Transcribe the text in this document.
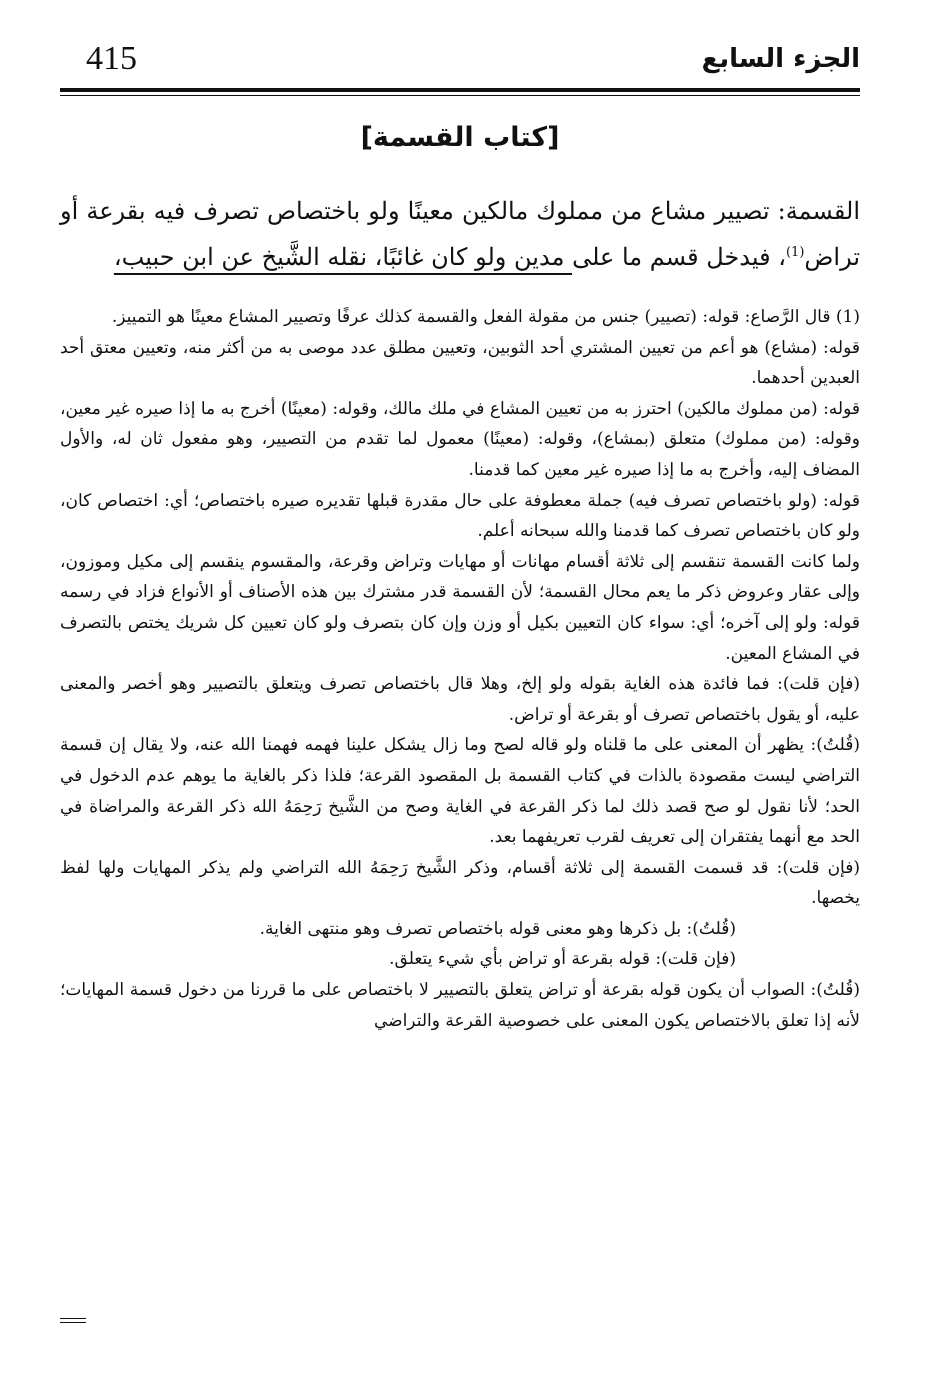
415	الجزء السابع
[كتاب القسمة]
القسمة: تصيير مشاع من مملوك مالكين معينًا ولو باختصاص تصرف فيه بقرعة أو تراض$^{(1)}$، فيدخل قسم ما على مدين ولو كان غائبًا، نقله الشَّيخ عن ابن حبيب،

(1) قال الرَّصاع: قوله: (تصيير) جنس من مقولة الفعل والقسمة كذلك عرفًا وتصيير المشاع معينًا هو التمييز.

قوله: (مشاع) هو أعم من تعيين المشتري أحد الثوبين، وتعيين مطلق عدد موصى به من أكثر منه، وتعيين معتق أحد العبدين أحدهما.

قوله: (من مملوك مالكين) احترز به من تعيين المشاع في ملك مالك، وقوله: (معينًا) أخرج به ما إذا صيره غير معين، وقوله: (من مملوك) متعلق (بمشاع)، وقوله: (معينًا) معمول لما تقدم من التصيير، وهو مفعول ثان له، والأول المضاف إليه، وأخرج به ما إذا صيره غير معين كما قدمنا.

قوله: (ولو باختصاص تصرف فيه) جملة معطوفة على حال مقدرة قبلها تقديره صيره باختصاص؛ أي: اختصاص كان، ولو كان باختصاص تصرف كما قدمنا والله سبحانه أعلم.

ولما كانت القسمة تنقسم إلى ثلاثة أقسام مهانات أو مهايات وتراض وقرعة، والمقسوم ينقسم إلى مكيل وموزون، وإلى عقار وعروض ذكر ما يعم محال القسمة؛ لأن القسمة قدر مشترك بين هذه الأصناف أو الأنواع فزاد في رسمه قوله: ولو إلى آخره؛ أي: سواء كان التعيين بكيل أو وزن وإن كان بتصرف ولو كان تعيين كل شريك يختص بالتصرف في المشاع المعين.

(فإن قلت): فما فائدة هذه الغاية بقوله ولو إلخ، وهلا قال باختصاص تصرف ويتعلق بالتصيير وهو أخصر والمعنى عليه، أو يقول باختصاص تصرف أو بقرعة أو تراض.

(قُلتُ): يظهر أن المعنى على ما قلناه ولو قاله لصح وما زال يشكل علينا فهمه فهمنا الله عنه، ولا يقال إن قسمة التراضي ليست مقصودة بالذات في كتاب القسمة بل المقصود القرعة؛ فلذا ذكر بالغاية ما يوهم عدم الدخول في الحد؛ لأنا نقول لو صح قصد ذلك لما ذكر القرعة في الغاية وصح من الشَّيخ رَحِمَهُ الله ذكر القرعة والمراضاة في الحد مع أنهما يفتقران إلى تعريف لقرب تعريفهما بعد.

(فإن قلت): قد قسمت القسمة إلى ثلاثة أقسام، وذكر الشَّيخ رَحِمَهُ الله التراضي ولم يذكر المهايات ولها لفظ يخصها.

(قُلتُ): بل ذكرها وهو معنى قوله باختصاص تصرف وهو منتهى الغاية.

(فإن قلت): قوله بقرعة أو تراض بأي شيء يتعلق.

(قُلتُ): الصواب أن يكون قوله بقرعة أو تراض يتعلق بالتصيير لا باختصاص على ما قررنا من دخول قسمة المهايات؛ لأنه إذا تعلق بالاختصاص يكون المعنى على خصوصية القرعة والتراضي
